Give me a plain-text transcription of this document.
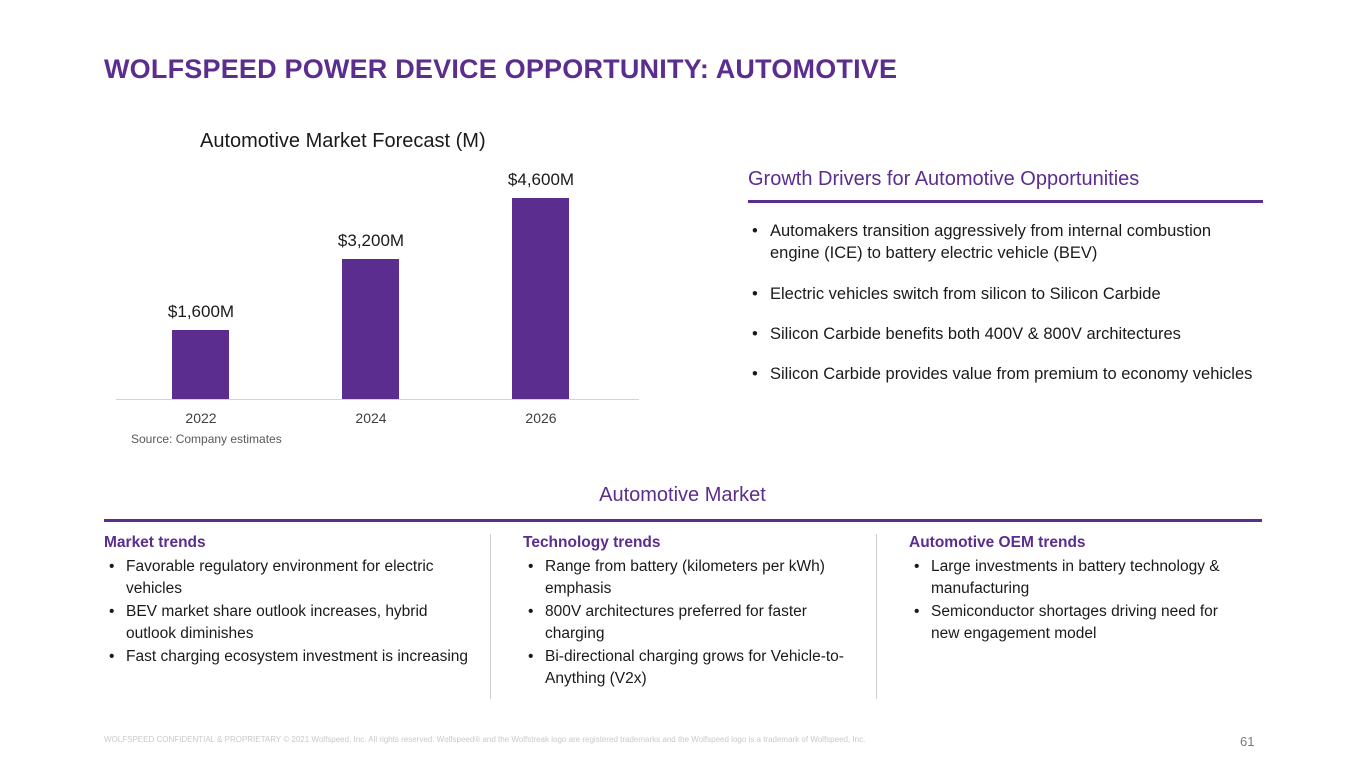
WOLFSPEED POWER DEVICE OPPORTUNITY: AUTOMOTIVE
Automotive Market Forecast (M)
$1,600M
$3,200M
$4,600M
Source: Company estimates
2022	2024	2026
Growth Drivers for Automotive Opportunities
• Automakers transition aggressively from internal combustion engine (ICE) to battery electric vehicle (BEV)
• Electric vehicles switch from silicon to Silicon Carbide
• Silicon Carbide benefits both 400V & 800V architectures
• Silicon Carbide provides value from premium to economy vehicles
Automotive Market
Market trends
• Favorable regulatory environment for electric vehicles
• BEV market share outlook increases, hybrid outlook diminishes
• Fast charging ecosystem investment is increasing
Technology trends
• Range from battery (kilometers per kWh) emphasis
• 800V architectures preferred for faster charging
• Bi-directional charging grows for Vehicle-to-Anything (V2x)
Automotive OEM trends
• Large investments in battery technology & manufacturing
• Semiconductor shortages driving need for new engagement model
WOLFSPEED CONFIDENTIAL & PROPRIETARY © 2021 Wolfspeed, Inc. All rights reserved. Wolfspeed® and the Wolfstreak logo are registered trademarks and the Wolfspeed logo is a trademark of Wolfspeed, Inc.	61
